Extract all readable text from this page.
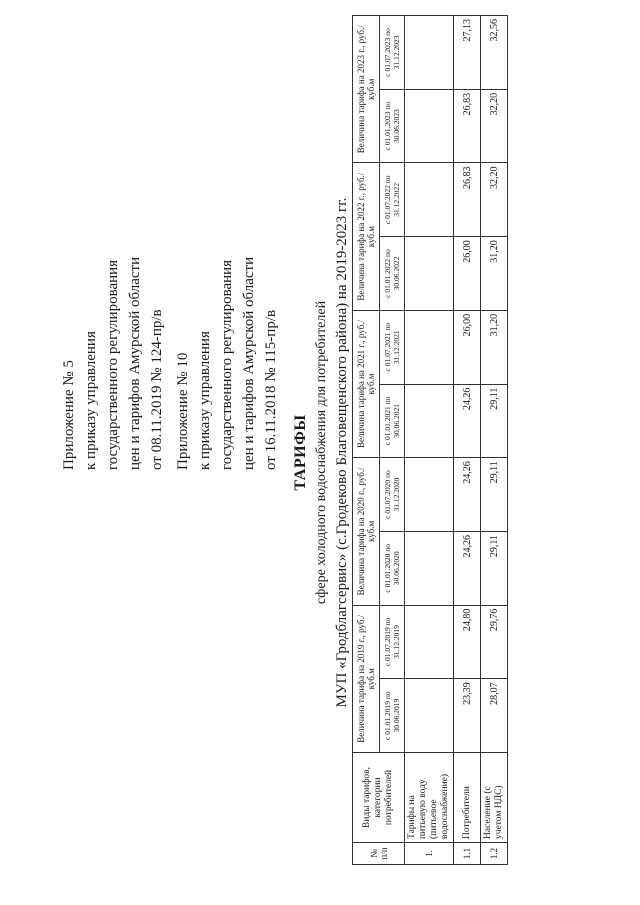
Приложение № 5 к приказу управления государственного регулирования цен и тарифов Амурской области от 08.11.2019 № 124-пр/в Приложение № 10 к приказу управления государственного регулирования цен и тарифов Амурской области от 16.11.2018 № 115-пр/в ТАРИФЫ сфере холодного водоснабжения для потребителей МУП «Гродблагсервис» (с.Гродеково Благовещенского района) на 2019-2023 гг.
№ п/п	Виды тарифов, категории потребителей	Величина тарифа на 2019 г., руб./куб.м		Величина тарифа на 2020 г., руб./куб.м		Величина тарифа на 2021 г., руб./куб.м		Величина тарифа на 2022 г., руб./куб.м		Величина тарифа на 2023 г., руб./куб.м	
		с 01.01.2019 по 30.06.2019	с 01.07.2019 по 31.12.2019	с 01.01.2020 по 30.06.2020	с 01.07.2020 по 31.12.2020	с 01.01.2021 по 30.06.2021	с 01.07.2021 по 31.12.2021	с 01.01.2022 по 30.06.2022	с 01.07.2022 по 31.12.2022	с 01.01.2023 по 30.06.2023	с 01.07.2023 по 31.12.2023
1.	Тарифы на питьевую воду (питьевое водоснабжение)										
1.1	Потребители	23,39	24,80	24,26	24,26	24,26	26,00	26,00	26,83	26,83	27,13
1.2	Население (с учетом НДС)	28,07	29,76	29,11	29,11	29,11	31,20	31,20	32,20	32,20	32,56
